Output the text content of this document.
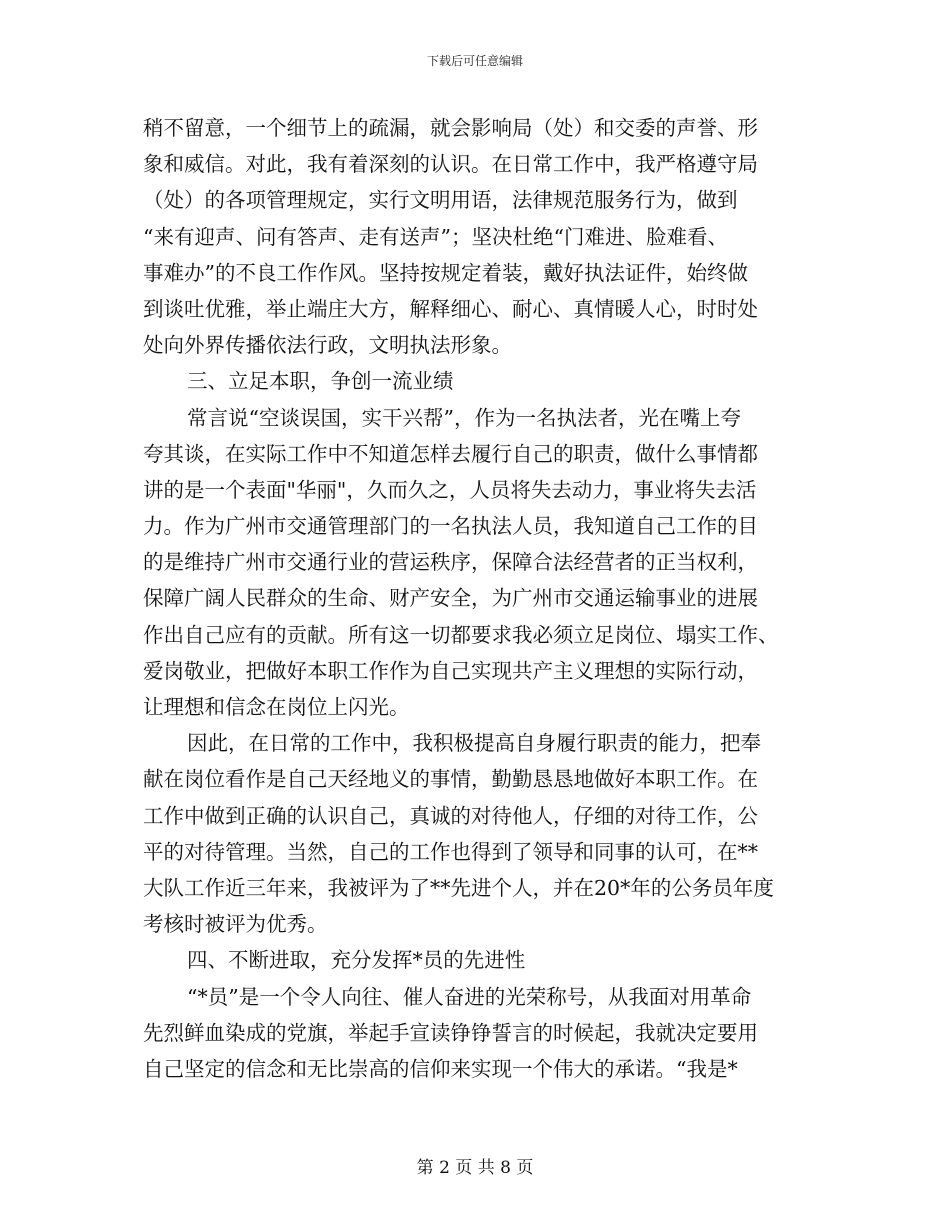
下载后可任意编辑
稍不留意，一个细节上的疏漏，就会影响局（处）和交委的声誉、形
象和威信。对此，我有着深刻的认识。在日常工作中，我严格遵守局
（处）的各项管理规定，实行文明用语，法律规范服务行为，做到
“来有迎声、问有答声、走有送声”；坚决杜绝“门难进、脸难看、
事难办”的不良工作作风。坚持按规定着装，戴好执法证件，始终做
到谈吐优雅，举止端庄大方，解释细心、耐心、真情暖人心，时时处
处向外界传播依法行政，文明执法形象。
三、立足本职，争创一流业绩
常言说“空谈误国，实干兴帮”，作为一名执法者，光在嘴上夸
夸其谈，在实际工作中不知道怎样去履行自己的职责，做什么事情都
讲的是一个表面"华丽"，久而久之，人员将失去动力，事业将失去活
力。作为广州市交通管理部门的一名执法人员，我知道自己工作的目
的是维持广州市交通行业的营运秩序，保障合法经营者的正当权利，
保障广阔人民群众的生命、财产安全，为广州市交通运输事业的进展
作出自己应有的贡献。所有这一切都要求我必须立足岗位、塌实工作、
爱岗敬业，把做好本职工作作为自己实现共产主义理想的实际行动，
让理想和信念在岗位上闪光。
因此，在日常的工作中，我积极提高自身履行职责的能力，把奉
献在岗位看作是自己天经地义的事情，勤勤恳恳地做好本职工作。在
工作中做到正确的认识自己，真诚的对待他人，仔细的对待工作，公
平的对待管理。当然，自己的工作也得到了领导和同事的认可，在**
大队工作近三年来，我被评为了**先进个人，并在20*年的公务员年度
考核时被评为优秀。
四、不断进取，充分发挥*员的先进性
“*员”是一个令人向往、催人奋进的光荣称号，从我面对用革命
先烈鲜血染成的党旗，举起手宣读铮铮誓言的时候起，我就决定要用
自己坚定的信念和无比崇高的信仰来实现一个伟大的承诺。“我是*
第 2 页 共 8 页
